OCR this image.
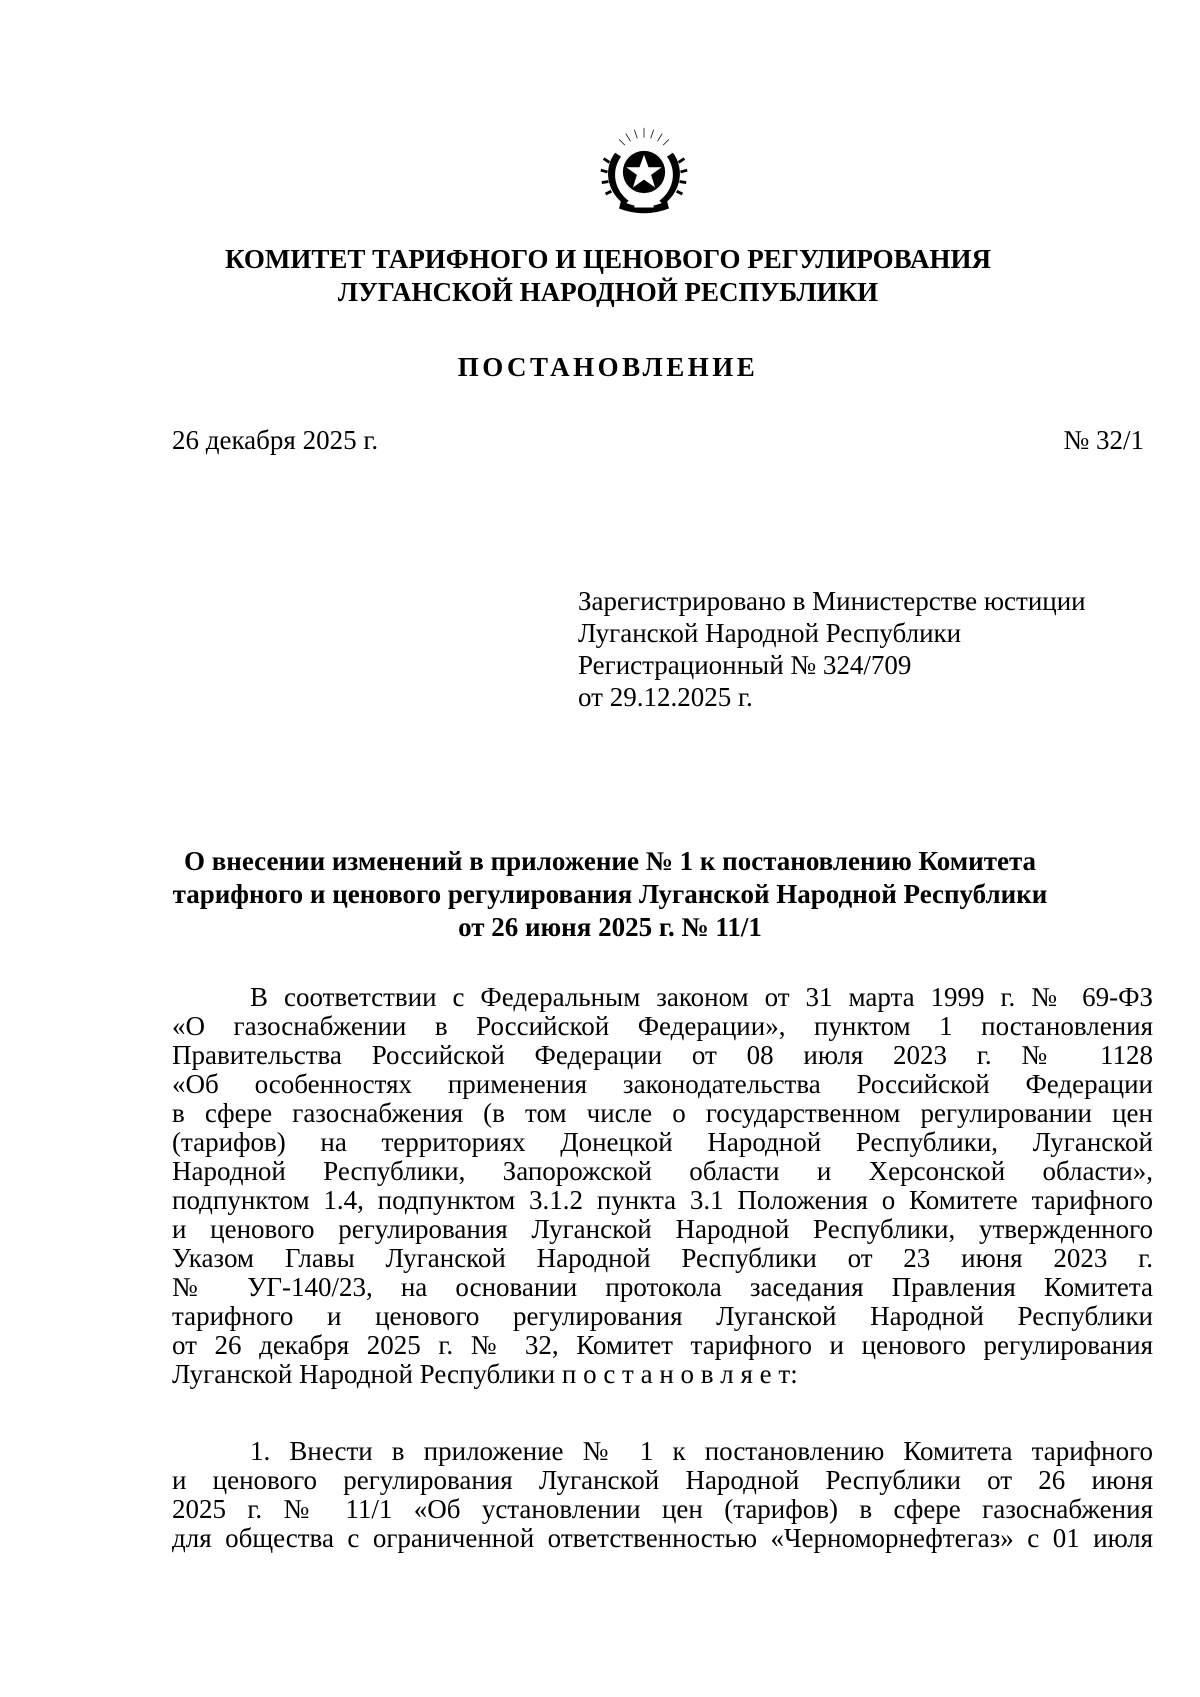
КОМИТЕТ ТАРИФНОГО И ЦЕНОВОГО РЕГУЛИРОВАНИЯ
ЛУГАНСКОЙ НАРОДНОЙ РЕСПУБЛИКИ
ПОСТАНОВЛЕНИЕ
26 декабря 2025 г.	№ 32/1
Зарегистрировано в Министерстве юстиции
Луганской Народной Республики
Регистрационный № 324/709
от 29.12.2025 г.
О внесении изменений в приложение № 1 к постановлению Комитета
тарифного и ценового регулирования Луганской Народной Республики
от 26 июня 2025 г. № 11/1
В соответствии с Федеральным законом от 31 марта 1999 г. № 69-ФЗ
«О газоснабжении в Российской Федерации», пунктом 1 постановления
Правительства Российской Федерации от 08 июля 2023 г. № 1128
«Об особенностях применения законодательства Российской Федерации
в сфере газоснабжения (в том числе о государственном регулировании цен
(тарифов) на территориях Донецкой Народной Республики, Луганской
Народной Республики, Запорожской области и Херсонской области»,
подпунктом 1.4, подпунктом 3.1.2 пункта 3.1 Положения о Комитете тарифного
и ценового регулирования Луганской Народной Республики, утвержденного
Указом Главы Луганской Народной Республики от 23 июня 2023 г.
№ УГ-140/23, на основании протокола заседания Правления Комитета
тарифного и ценового регулирования Луганской Народной Республики
от 26 декабря 2025 г. № 32, Комитет тарифного и ценового регулирования
Луганской Народной Республики п о с т а н о в л я е т:
1. Внести в приложение № 1 к постановлению Комитета тарифного
и ценового регулирования Луганской Народной Республики от 26 июня
2025 г. № 11/1 «Об установлении цен (тарифов) в сфере газоснабжения
для общества с ограниченной ответственностью «Черноморнефтегаз» с 01 июля
